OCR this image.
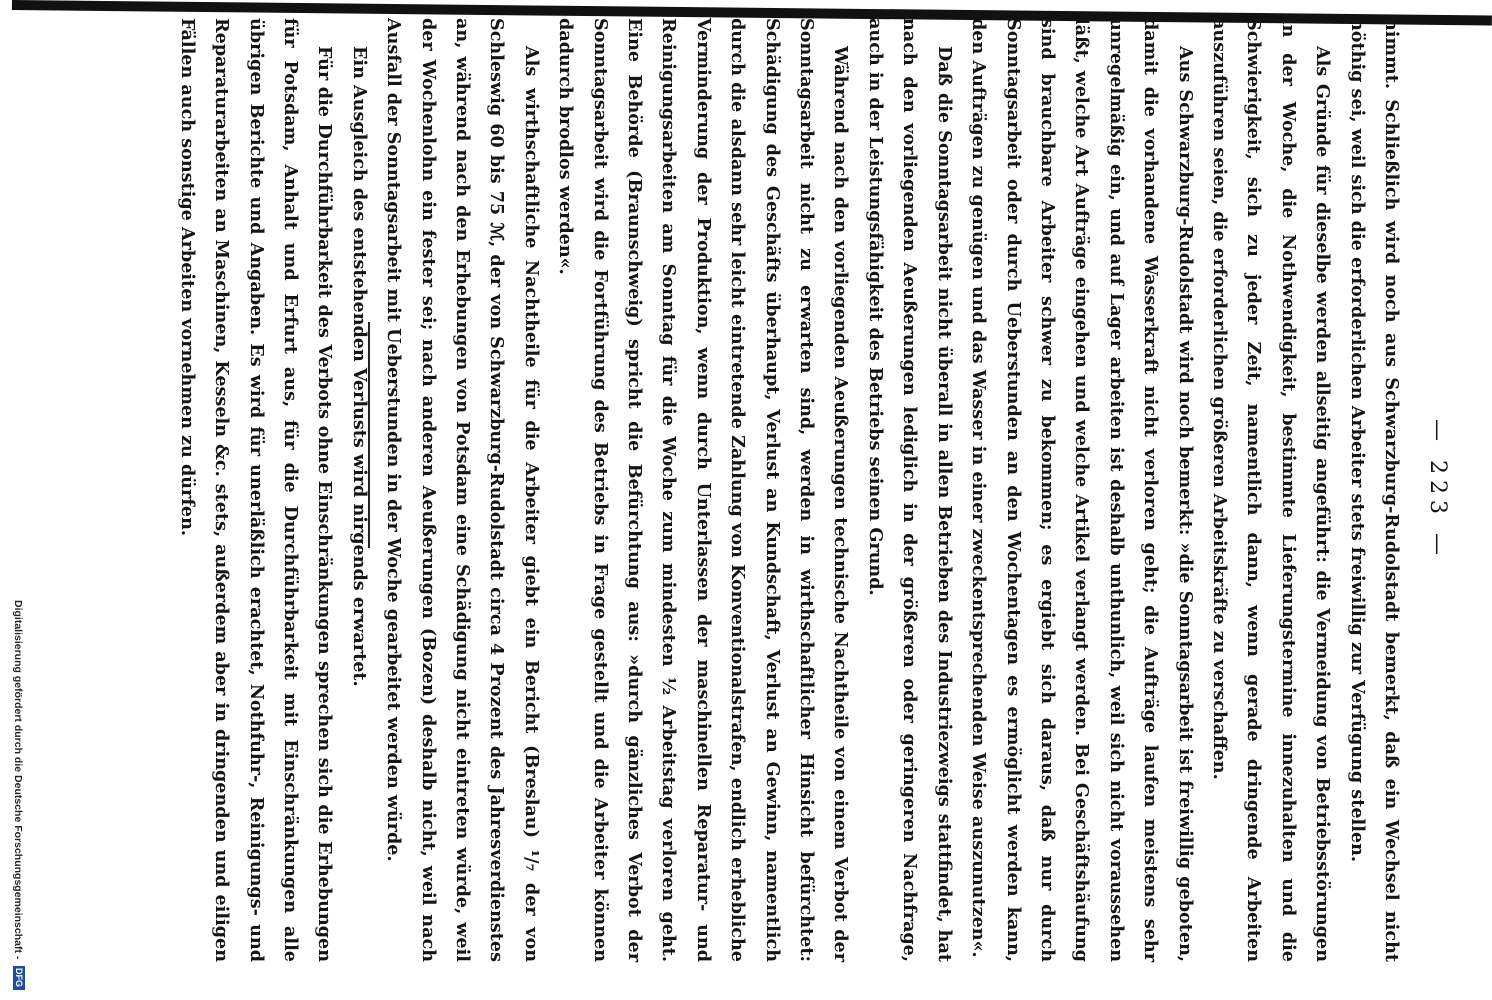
— 223 —

nimmt. Schließlich wird noch aus Schwarzburg-Rudolstadt bemerkt, daß ein Wechsel nicht nöthig sei, weil sich die erforderlichen Arbeiter stets freiwillig zur Verfügung stellen.

Als Gründe für dieselbe werden allseitig angeführt: die Vermeidung von Betriebsstörungen in der Woche, die Nothwendigkeit, bestimmte Lieferungstermine innezuhalten und die Schwierigkeit, sich zu jeder Zeit, namentlich dann, wenn gerade dringende Arbeiten auszuführen seien, die erforderlichen größeren Arbeitskräfte zu verschaffen.

Aus Schwarzburg-Rudolstadt wird noch bemerkt: »die Sonntagsarbeit ist freiwillig geboten, damit die vorhandene Wasserkraft nicht verloren geht; die Aufträge laufen meistens sehr unregelmäßig ein, und auf Lager arbeiten ist deshalb unthunlich, weil sich nicht voraussehen läßt, welche Art Aufträge eingehen und welche Artikel verlangt werden. Bei Geschäftshäufung sind brauchbare Arbeiter schwer zu bekommen; es ergiebt sich daraus, daß nur durch Sonntagsarbeit oder durch Ueberstunden an den Wochentagen es ermöglicht werden kann, den Aufträgen zu genügen und das Wasser in einer zweckentsprechenden Weise auszunutzen«.

Daß die Sonntagsarbeit nicht überall in allen Betrieben des Industriezweigs stattfindet, hat nach den vorliegenden Aeußerungen lediglich in der größeren oder geringeren Nachfrage, auch in der Leistungsfähigkeit des Betriebs seinen Grund.

Während nach den vorliegenden Aeußerungen technische Nachtheile von einem Verbot der Sonntagsarbeit nicht zu erwarten sind, werden in wirthschaftlicher Hinsicht befürchtet: Schädigung des Geschäfts überhaupt, Verlust an Kundschaft, Verlust an Gewinn, namentlich durch die alsdann sehr leicht eintretende Zahlung von Konventionalstrafen, endlich erhebliche Verminderung der Produktion, wenn durch Unterlassen der maschinellen Reparatur- und Reinigungsarbeiten am Sonntag für die Woche zum mindesten ½ Arbeitstag verloren geht. Eine Behörde (Braunschweig) spricht die Befürchtung aus: »durch gänzliches Verbot der Sonntagsarbeit wird die Fortführung des Betriebs in Frage gestellt und die Arbeiter können dadurch brodlos werden«.

Als wirthschaftliche Nachtheile für die Arbeiter giebt ein Bericht (Breslau) ¹/₇ der von Schleswig 60 bis 75 ℳ, der von Schwarzburg-Rudolstadt circa 4 Prozent des Jahresverdienstes an, während nach den Erhebungen von Potsdam eine Schädigung nicht eintreten würde, weil der Wochenlohn ein fester sei; nach anderen Aeußerungen (Bozen) deshalb nicht, weil nach Ausfall der Sonntagsarbeit mit Ueberstunden in der Woche gearbeitet werden würde.

Ein Ausgleich des entstehenden Verlusts wird nirgends erwartet.

Für die Durchführbarkeit des Verbots ohne Einschränkungen sprechen sich die Erhebungen für Potsdam, Anhalt und Erfurt aus, für die Durchführbarkeit mit Einschränkungen alle übrigen Berichte und Angaben. Es wird für unerläßlich erachtet, Nothfuhr-, Reinigungs- und Reparaturarbeiten an Maschinen, Kesseln &c. stets, außerdem aber in dringenden und eiligen Fällen auch sonstige Arbeiten vornehmen zu dürfen.

Digitalisierung gefördert durch die Deutsche Forschungsgemeinschaft -
DFG
